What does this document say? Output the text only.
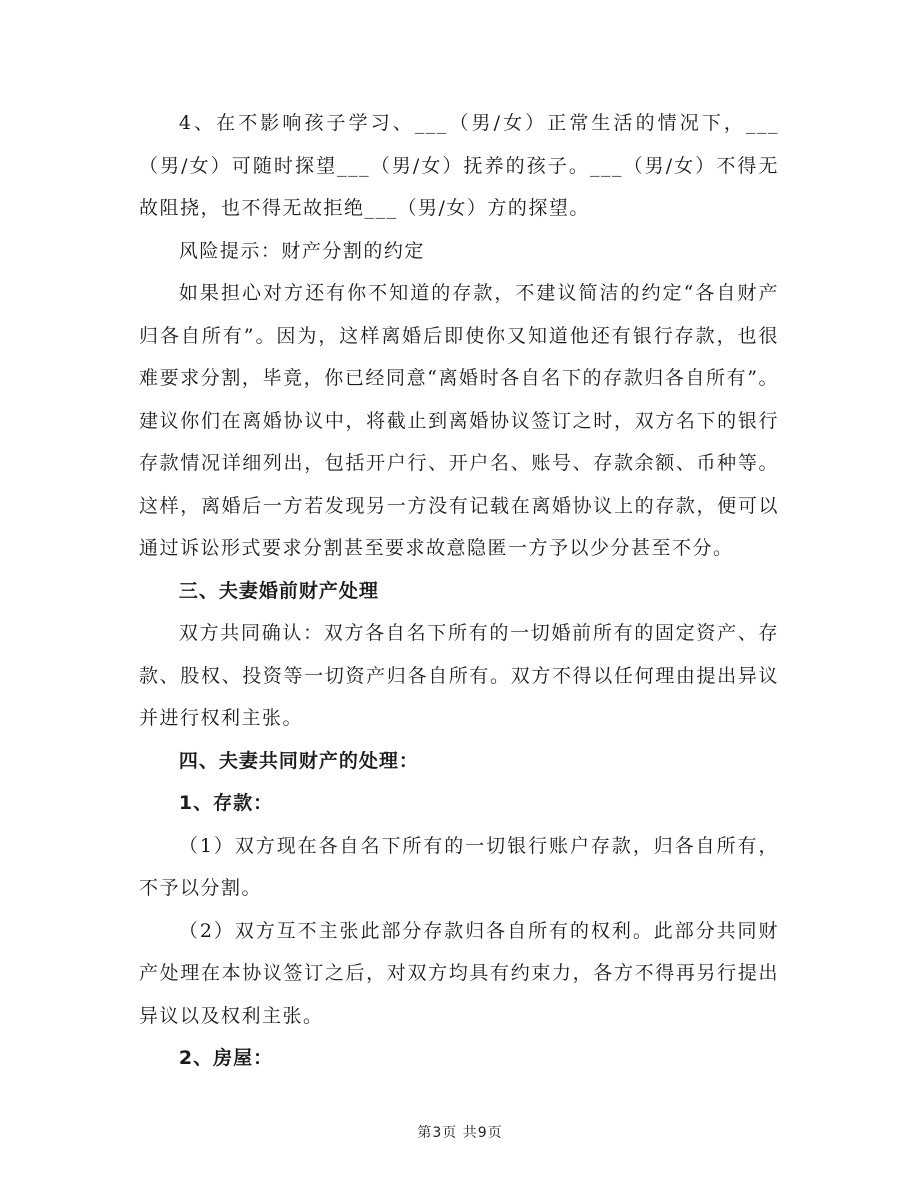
4、在不影响孩子学习、___（男/女）正常生活的情况下，___（男/女）可随时探望___（男/女）抚养的孩子。___（男/女）不得无故阻挠，也不得无故拒绝___（男/女）方的探望。

风险提示：财产分割的约定

如果担心对方还有你不知道的存款，不建议简洁的约定“各自财产归各自所有”。因为，这样离婚后即使你又知道他还有银行存款，也很难要求分割，毕竟，你已经同意“离婚时各自名下的存款归各自所有”。建议你们在离婚协议中，将截止到离婚协议签订之时，双方名下的银行存款情况详细列出，包括开户行、开户名、账号、存款余额、币种等。这样，离婚后一方若发现另一方没有记载在离婚协议上的存款，便可以通过诉讼形式要求分割甚至要求故意隐匿一方予以少分甚至不分。

三、夫妻婚前财产处理

双方共同确认：双方各自名下所有的一切婚前所有的固定资产、存款、股权、投资等一切资产归各自所有。双方不得以任何理由提出异议并进行权利主张。

四、夫妻共同财产的处理：

1、存款：

（1）双方现在各自名下所有的一切银行账户存款，归各自所有，不予以分割。

（2）双方互不主张此部分存款归各自所有的权利。此部分共同财产处理在本协议签订之后，对双方均具有约束力，各方不得再另行提出异议以及权利主张。

2、房屋：

第3页 共9页
